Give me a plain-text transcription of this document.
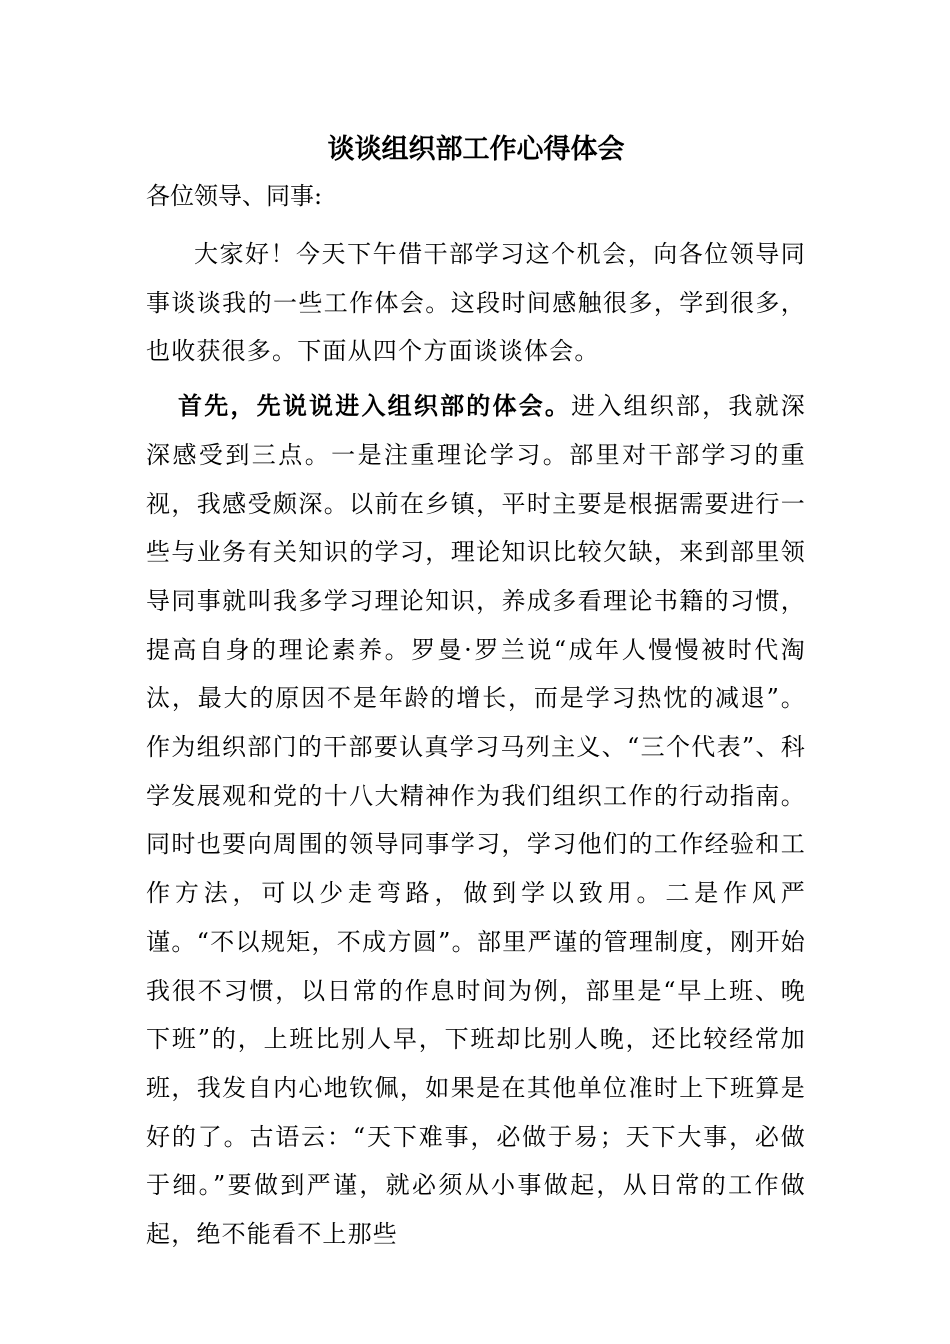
谈谈组织部工作心得体会

各位领导、同事:

大家好！今天下午借干部学习这个机会，向各位领导同事谈谈我的一些工作体会。这段时间感触很多，学到很多，也收获很多。下面从四个方面谈谈体会。

首先，先说说进入组织部的体会。进入组织部，我就深深感受到三点。一是注重理论学习。部里对干部学习的重视，我感受颇深。以前在乡镇，平时主要是根据需要进行一些与业务有关知识的学习，理论知识比较欠缺，来到部里领导同事就叫我多学习理论知识，养成多看理论书籍的习惯，提高自身的理论素养。罗曼·罗兰说“成年人慢慢被时代淘汰，最大的原因不是年龄的增长，而是学习热忱的减退”。作为组织部门的干部要认真学习马列主义、“三个代表”、科学发展观和党的十八大精神作为我们组织工作的行动指南。同时也要向周围的领导同事学习，学习他们的工作经验和工作方法，可以少走弯路，做到学以致用。二是作风严谨。“不以规矩，不成方圆”。部里严谨的管理制度，刚开始我很不习惯，以日常的作息时间为例，部里是“早上班、晚下班”的，上班比别人早，下班却比别人晚，还比较经常加班，我发自内心地钦佩，如果是在其他单位准时上下班算是好的了。古语云：“天下难事，必做于易；天下大事，必做于细。”要做到严谨，就必须从小事做起，从日常的工作做起，绝不能看不上那些
